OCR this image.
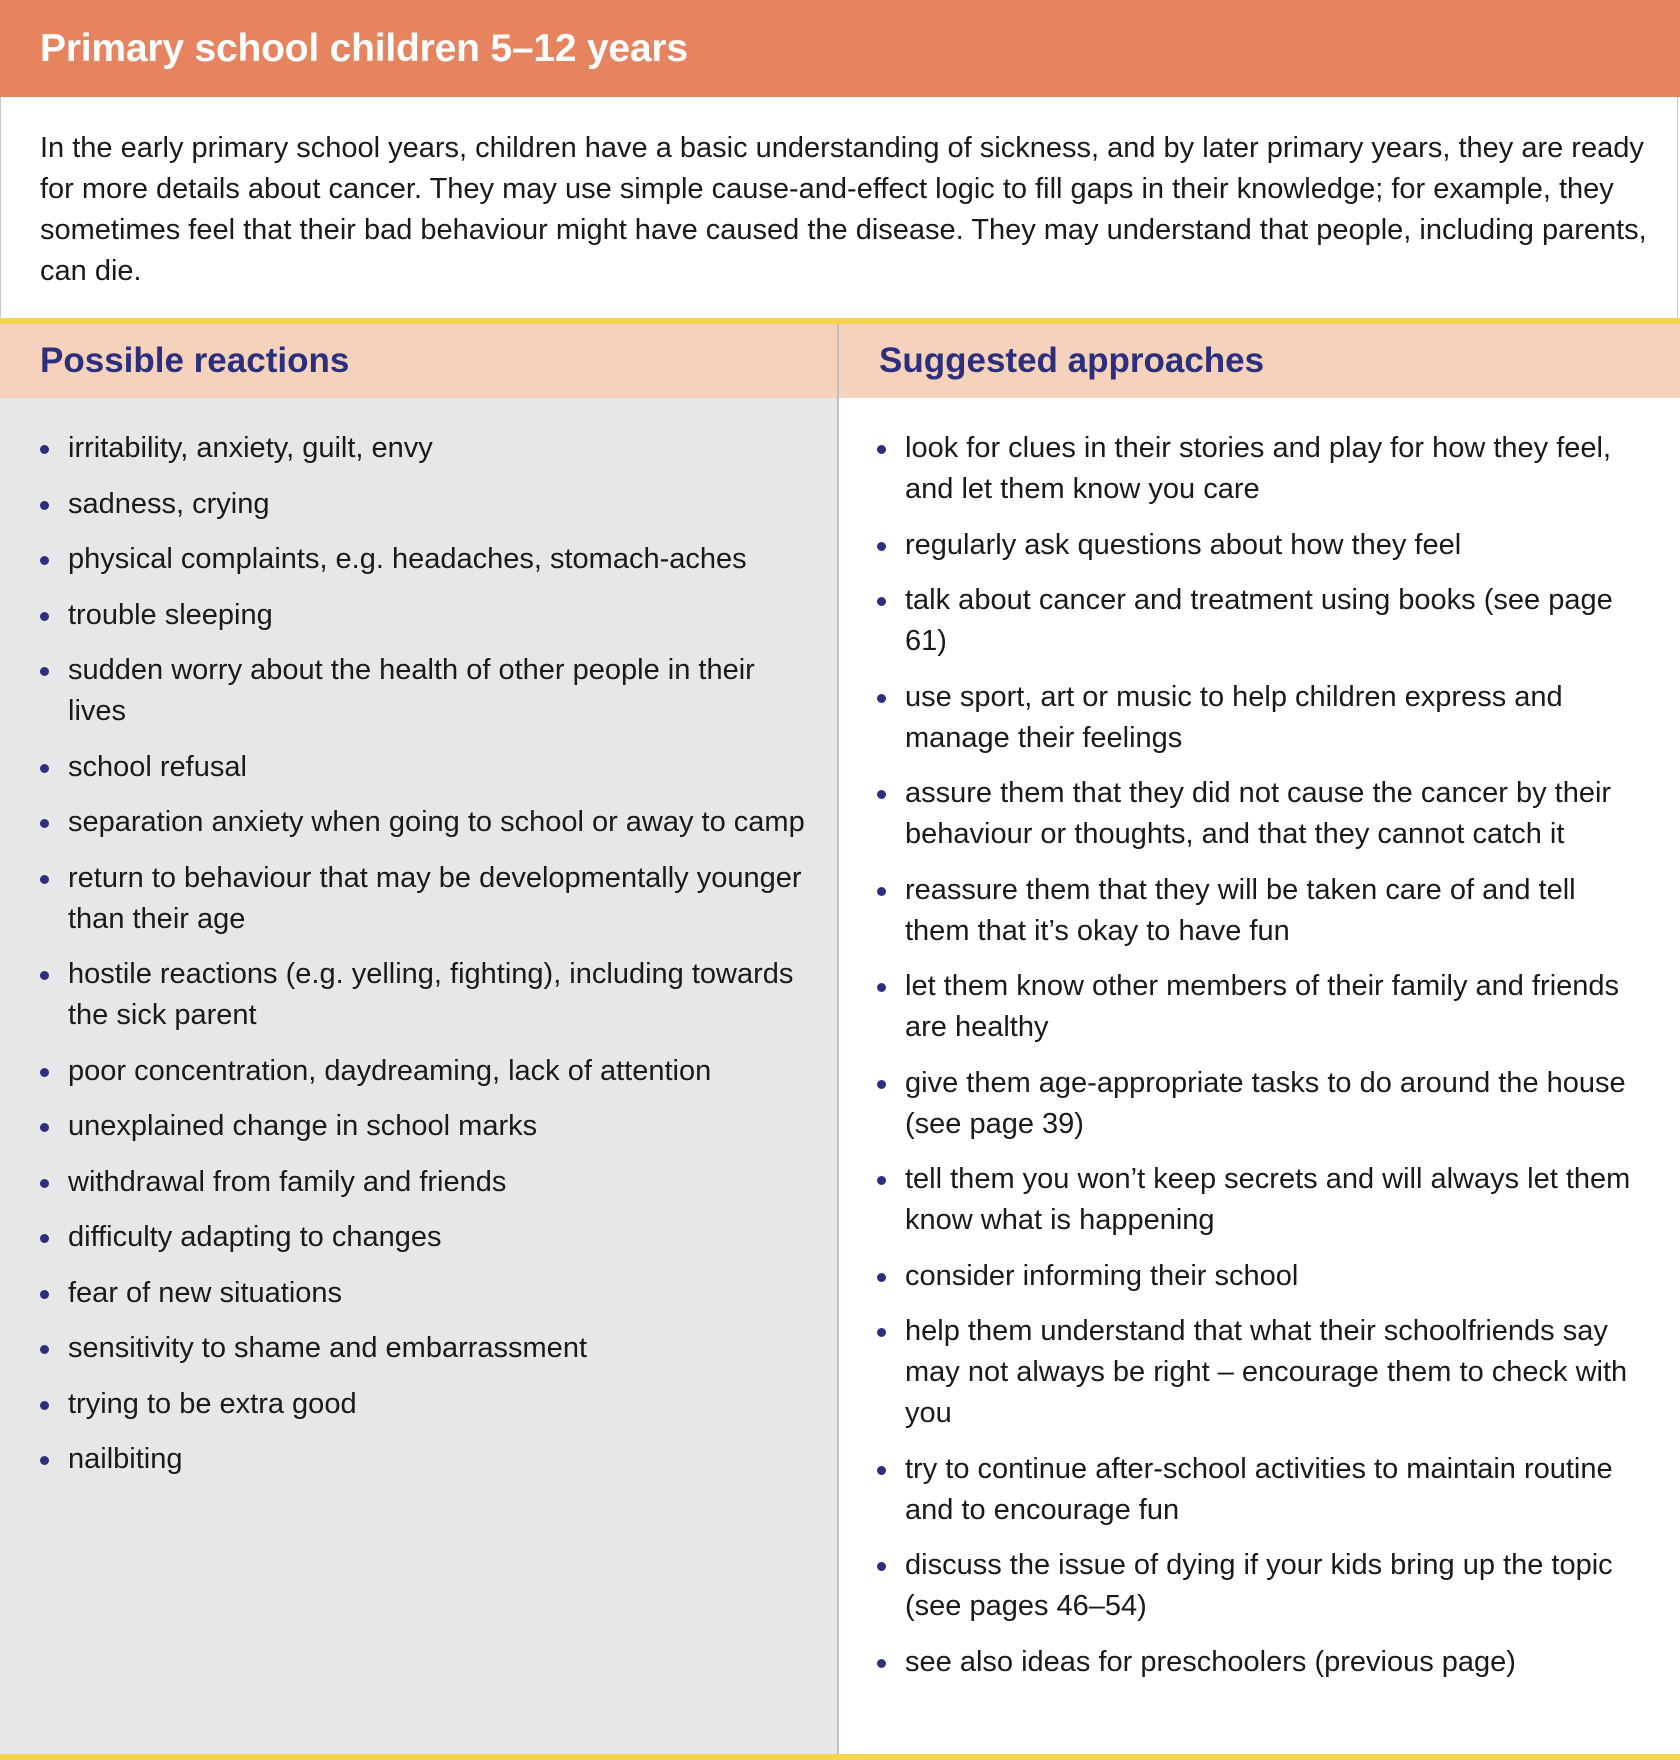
Primary school children 5–12 years

In the early primary school years, children have a basic understanding of sickness, and by later primary years, they are ready for more details about cancer. They may use simple cause-and-effect logic to fill gaps in their knowledge; for example, they sometimes feel that their bad behaviour might have caused the disease. They may understand that people, including parents, can die.

Possible reactions	Suggested approaches
irritability, anxiety, guilt, envy
sadness, crying
physical complaints, e.g. headaches, stomach-aches
trouble sleeping
sudden worry about the health of other people in their lives
school refusal
separation anxiety when going to school or away to camp
return to behaviour that may be developmentally younger than their age
hostile reactions (e.g. yelling, fighting), including towards the sick parent
poor concentration, daydreaming, lack of attention
unexplained change in school marks
withdrawal from family and friends
difficulty adapting to changes
fear of new situations
sensitivity to shame and embarrassment
trying to be extra good
nailbiting
look for clues in their stories and play for how they feel, and let them know you care
regularly ask questions about how they feel
talk about cancer and treatment using books (see page 61)
use sport, art or music to help children express and manage their feelings
assure them that they did not cause the cancer by their behaviour or thoughts, and that they cannot catch it
reassure them that they will be taken care of and tell them that it’s okay to have fun
let them know other members of their family and friends are healthy
give them age-appropriate tasks to do around the house (see page 39)
tell them you won’t keep secrets and will always let them know what is happening
consider informing their school
help them understand that what their schoolfriends say may not always be right – encourage them to check with you
try to continue after-school activities to maintain routine and to encourage fun
discuss the issue of dying if your kids bring up the topic (see pages 46–54)
see also ideas for preschoolers (previous page)
